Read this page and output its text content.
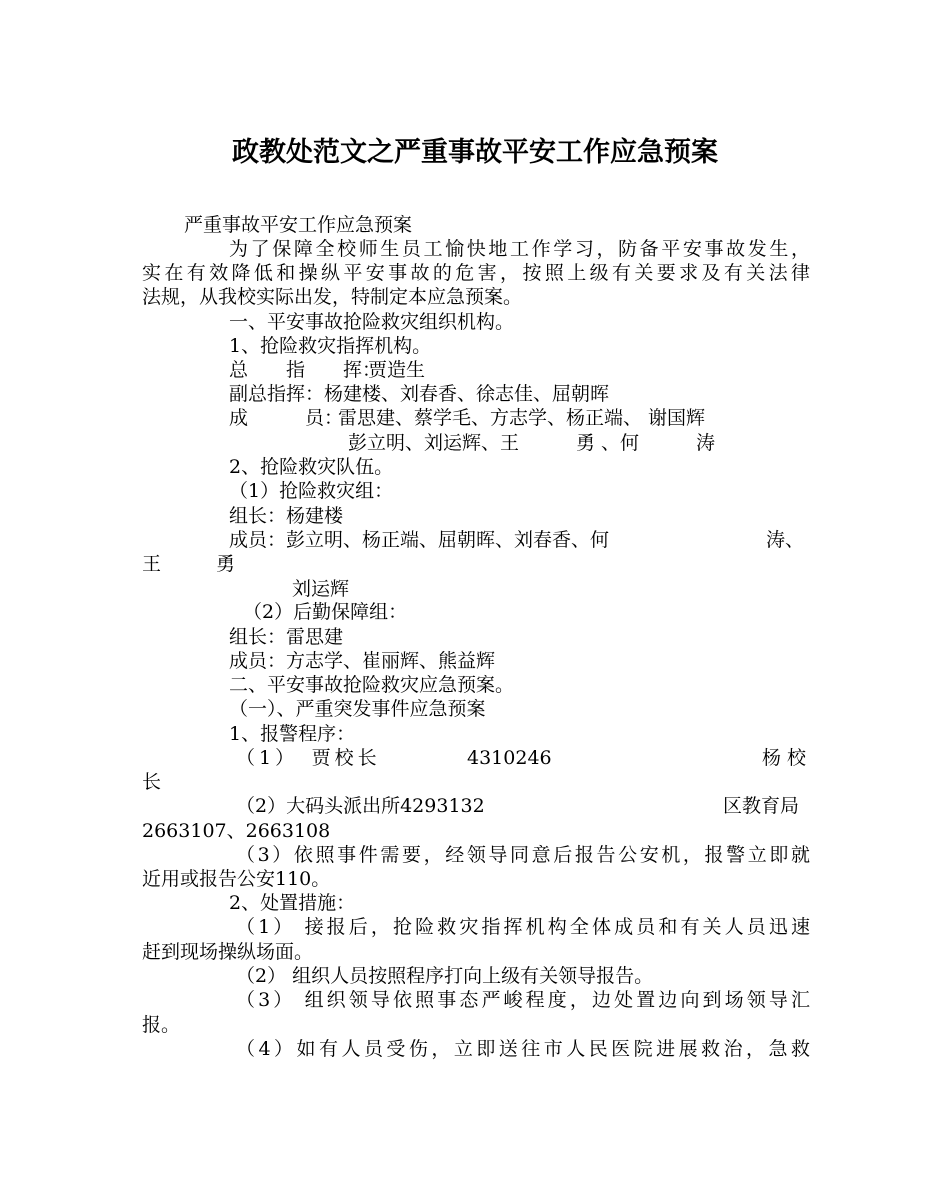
政教处范文之严重事故平安工作应急预案
严重事故平安工作应急预案
为了保障全校师生员工愉快地工作学习，防备平安事故发生，
实在有效降低和操纵平安事故的危害，按照上级有关要求及有关法律
法规，从我校实际出发，特制定本应急预案。
一、平安事故抢险救灾组织机构。
1、抢险救灾指挥机构。
总　　指　　挥：
贾造生
副总指挥：杨建楼、刘春香、徐志佳、屈朝晖
成　　　员：
雷思建、蔡学毛、方志学、杨正端、 谢国辉
彭立明、刘运辉、王　　　勇 、何　　　涛
2、抢险救灾队伍。
（1）抢险救灾组：
组长：杨建楼
成员：彭立明、杨正端、屈朝晖、刘春香、何	涛、
王	勇
刘运辉
（2）后勤保障组：
组长：雷思建
成员：方志学、崔丽辉、熊益辉
二、平安事故抢险救灾应急预案。
（一）、严重突发事件应急预案
1、报警程序：
（1）　贾校长	4310246	杨校
长
（2）大码头派出所4293132	区教育局
2663107、2663108
（3）依照事件需要，经领导同意后报告公安机，报警立即就
近用或报告公安110。
2、处置措施：
（1） 接报后，抢险救灾指挥机构全体成员和有关人员迅速
赶到现场操纵场面。
（2） 组织人员按照程序打向上级有关领导报告。
（3） 组织领导依照事态严峻程度，边处置边向到场领导汇
报。
（4）如有人员受伤，立即送往市人民医院进展救治，急救
